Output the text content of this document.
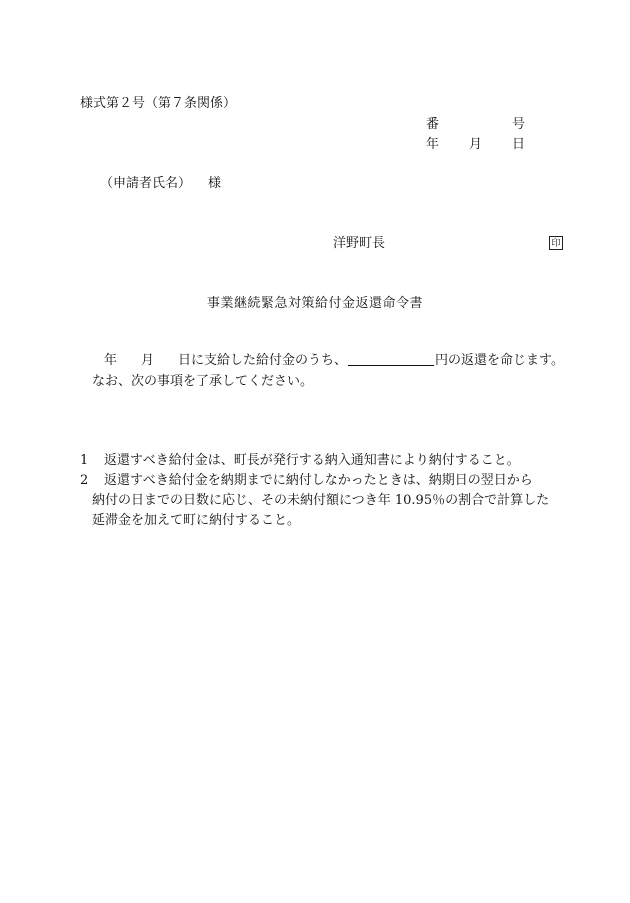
様式第２号（第７条関係）
番	号
年 月 日
（申請者氏名） 様
洋野町長	印
事業継続緊急対策給付金返還命令書
年 月 日に支給した給付金のうち、	円の返還を命じます。
なお、次の事項を了承してください。
1 返還すべき給付金は、町長が発行する納入通知書により納付すること。
2 返還すべき給付金を納期までに納付しなかったときは、納期日の翌日から
納付の日までの日数に応じ、その未納付額につき年 10.95％の割合で計算した
延滞金を加えて町に納付すること。
